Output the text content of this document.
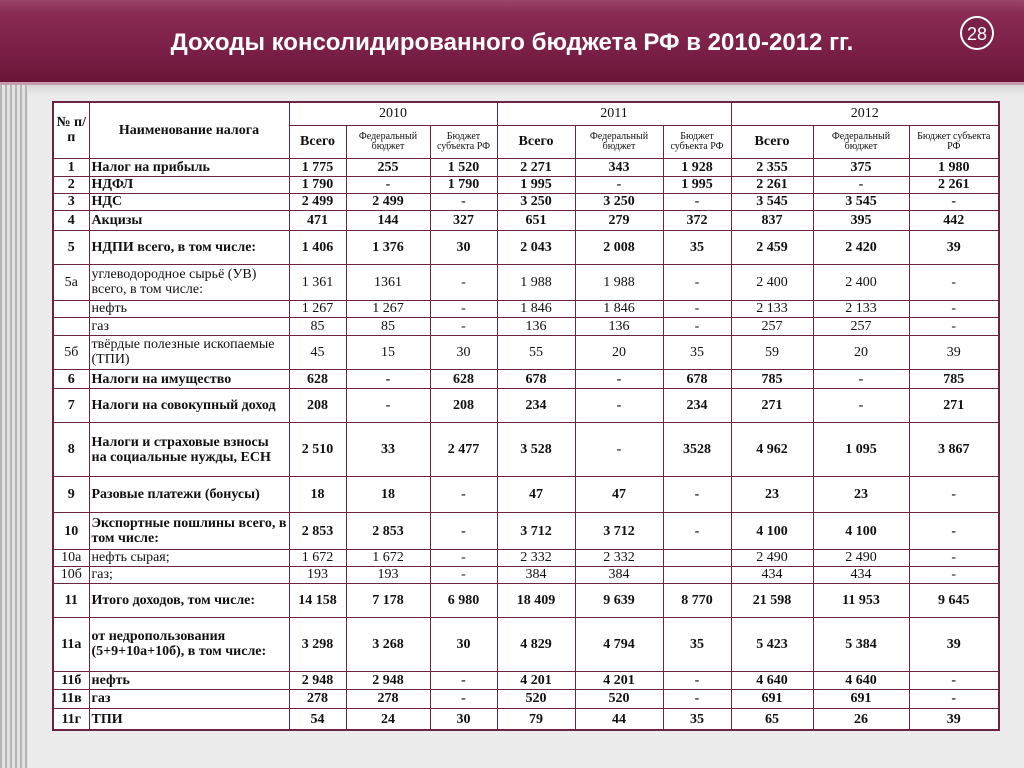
Доходы консолидированного бюджета РФ в 2010-2012 гг.	28
№ п/п	Наименование налога	2010			2011			2012		
		Всего	Федеральный бюджет	Бюджет субъекта РФ	Всего	Федеральный бюджет	Бюджет субъекта РФ	Всего	Федеральный бюджет	Бюджет субъекта РФ
1	Налог на прибыль	1 775	255	1 520	2 271	343	1 928	2 355	375	1 980
2	НДФЛ	1 790	-	1 790	1 995	-	1 995	2 261	-	2 261
3	НДС	2 499	2 499	-	3 250	3 250	-	3 545	3 545	-
4	Акцизы	471	144	327	651	279	372	837	395	442
5	НДПИ всего, в том числе:	1 406	1 376	30	2 043	2 008	35	2 459	2 420	39
5а	углеводородное сырьё (УВ) всего, в том числе:	1 361	1361	-	1 988	1 988	-	2 400	2 400	-
	нефть	1 267	1 267	-	1 846	1 846	-	2 133	2 133	-
	газ	85	85	-	136	136	-	257	257	-
5б	твёрдые полезные ископаемые (ТПИ)	45	15	30	55	20	35	59	20	39
6	Налоги на имущество	628	-	628	678	-	678	785	-	785
7	Налоги на совокупный доход	208	-	208	234	-	234	271	-	271
8	Налоги и страховые взносы на социальные нужды, ЕСН	2 510	33	2 477	3 528	-	3528	4 962	1 095	3 867
9	Разовые платежи (бонусы)	18	18	-	47	47	-	23	23	-
10	Экспортные пошлины всего, в том числе:	2 853	2 853	-	3 712	3 712	-	4 100	4 100	-
10а	нефть сырая;	1 672	1 672	-	2 332	2 332		2 490	2 490	-
10б	газ;	193	193	-	384	384		434	434	-
11	Итого доходов, том числе:	14 158	7 178	6 980	18 409	9 639	8 770	21 598	11 953	9 645
11а	от недропользования (5+9+10а+10б), в том числе:	3 298	3 268	30	4 829	4 794	35	5 423	5 384	39
11б	нефть	2 948	2 948	-	4 201	4 201	-	4 640	4 640	-
11в	газ	278	278	-	520	520	-	691	691	-
11г	ТПИ	54	24	30	79	44	35	65	26	39
